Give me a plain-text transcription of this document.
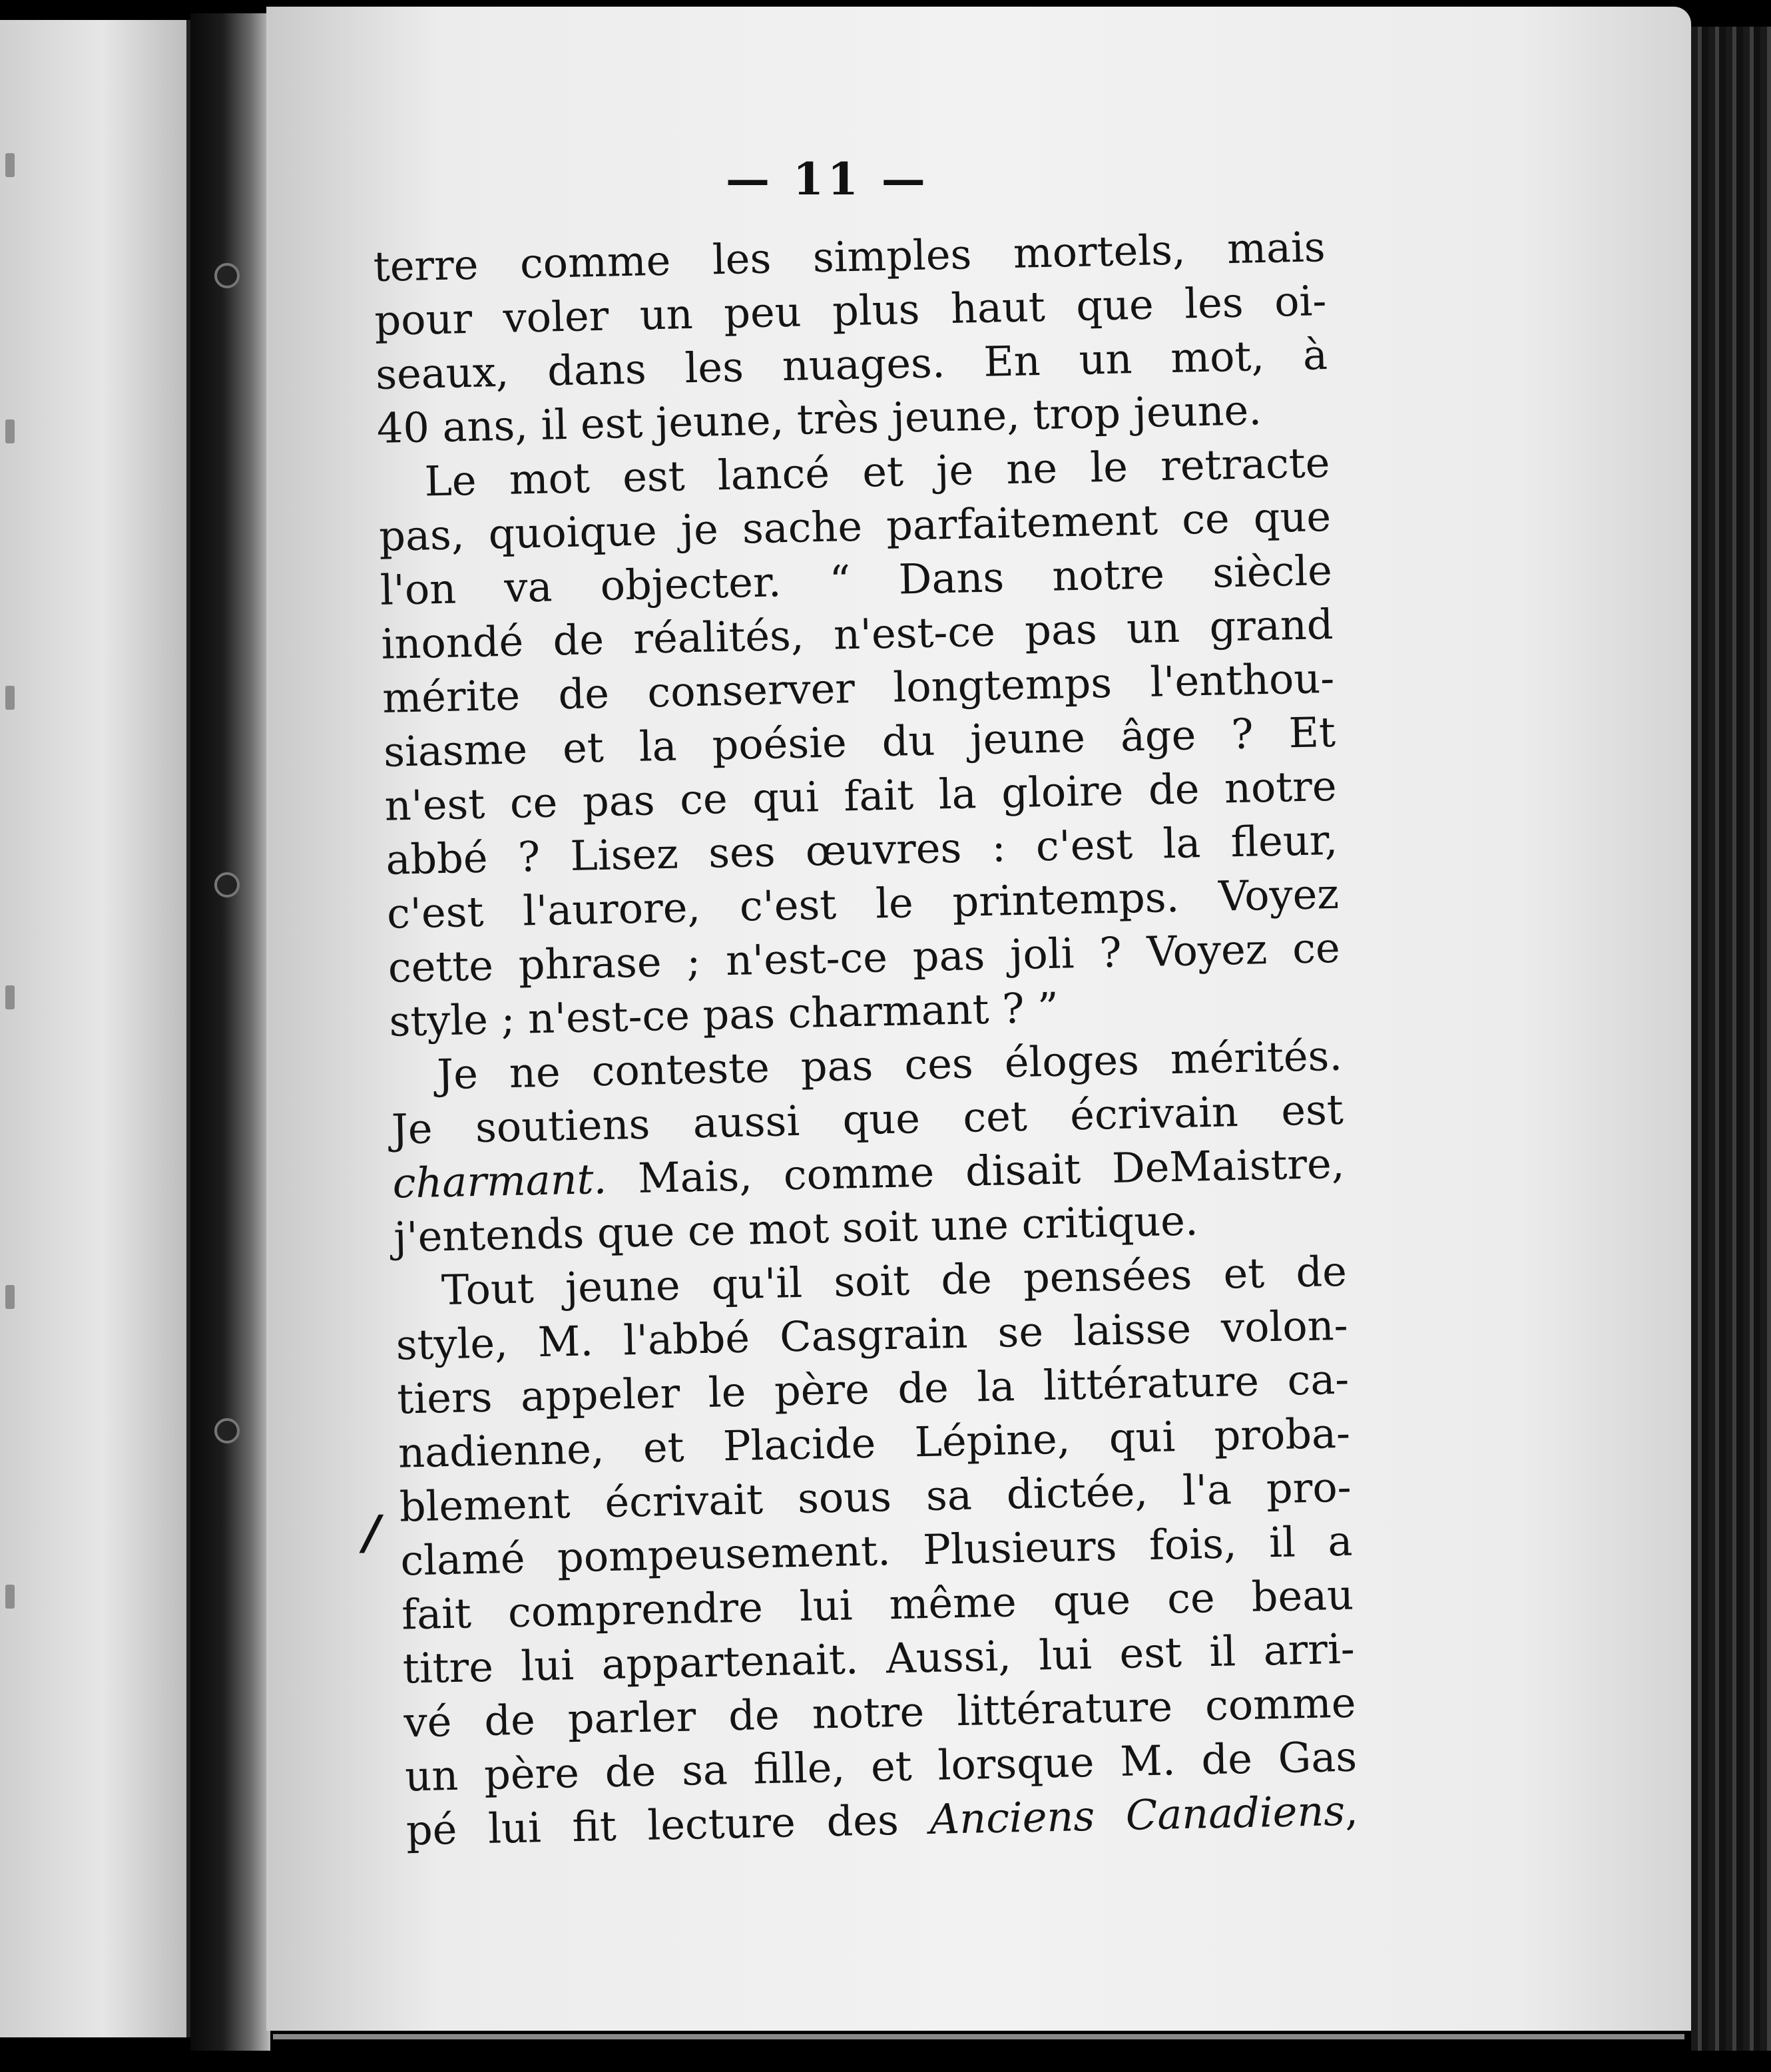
— 11 —
terre comme les simples mortels, mais
pour voler un peu plus haut que les oi-
seaux, dans les nuages. En un mot, à
40 ans, il est jeune, très jeune, trop jeune.
Le mot est lancé et je ne le retracte
pas, quoique je sache parfaitement ce que
l'on va objecter. “ Dans notre siècle
inondé de réalités, n'est-ce pas un grand
mérite de conserver longtemps l'enthou-
siasme et la poésie du jeune âge ? Et
n'est ce pas ce qui fait la gloire de notre
abbé ? Lisez ses œuvres : c'est la fleur,
c'est l'aurore, c'est le printemps. Voyez
cette phrase ; n'est-ce pas joli ? Voyez ce
style ; n'est-ce pas charmant ? ”
Je ne conteste pas ces éloges mérités.
Je soutiens aussi que cet écrivain est
charmant. Mais, comme disait DeMaistre,
j'entends que ce mot soit une critique.
Tout jeune qu'il soit de pensées et de
style, M. l'abbé Casgrain se laisse volon-
tiers appeler le père de la littérature ca-
nadienne, et Placide Lépine, qui proba-
blement écrivait sous sa dictée, l'a pro-
clamé pompeusement. Plusieurs fois, il a
fait comprendre lui même que ce beau
titre lui appartenait. Aussi, lui est il arri-
vé de parler de notre littérature comme
un père de sa fille, et lorsque M. de Gas
pé lui fit lecture des Anciens Canadiens,
/
